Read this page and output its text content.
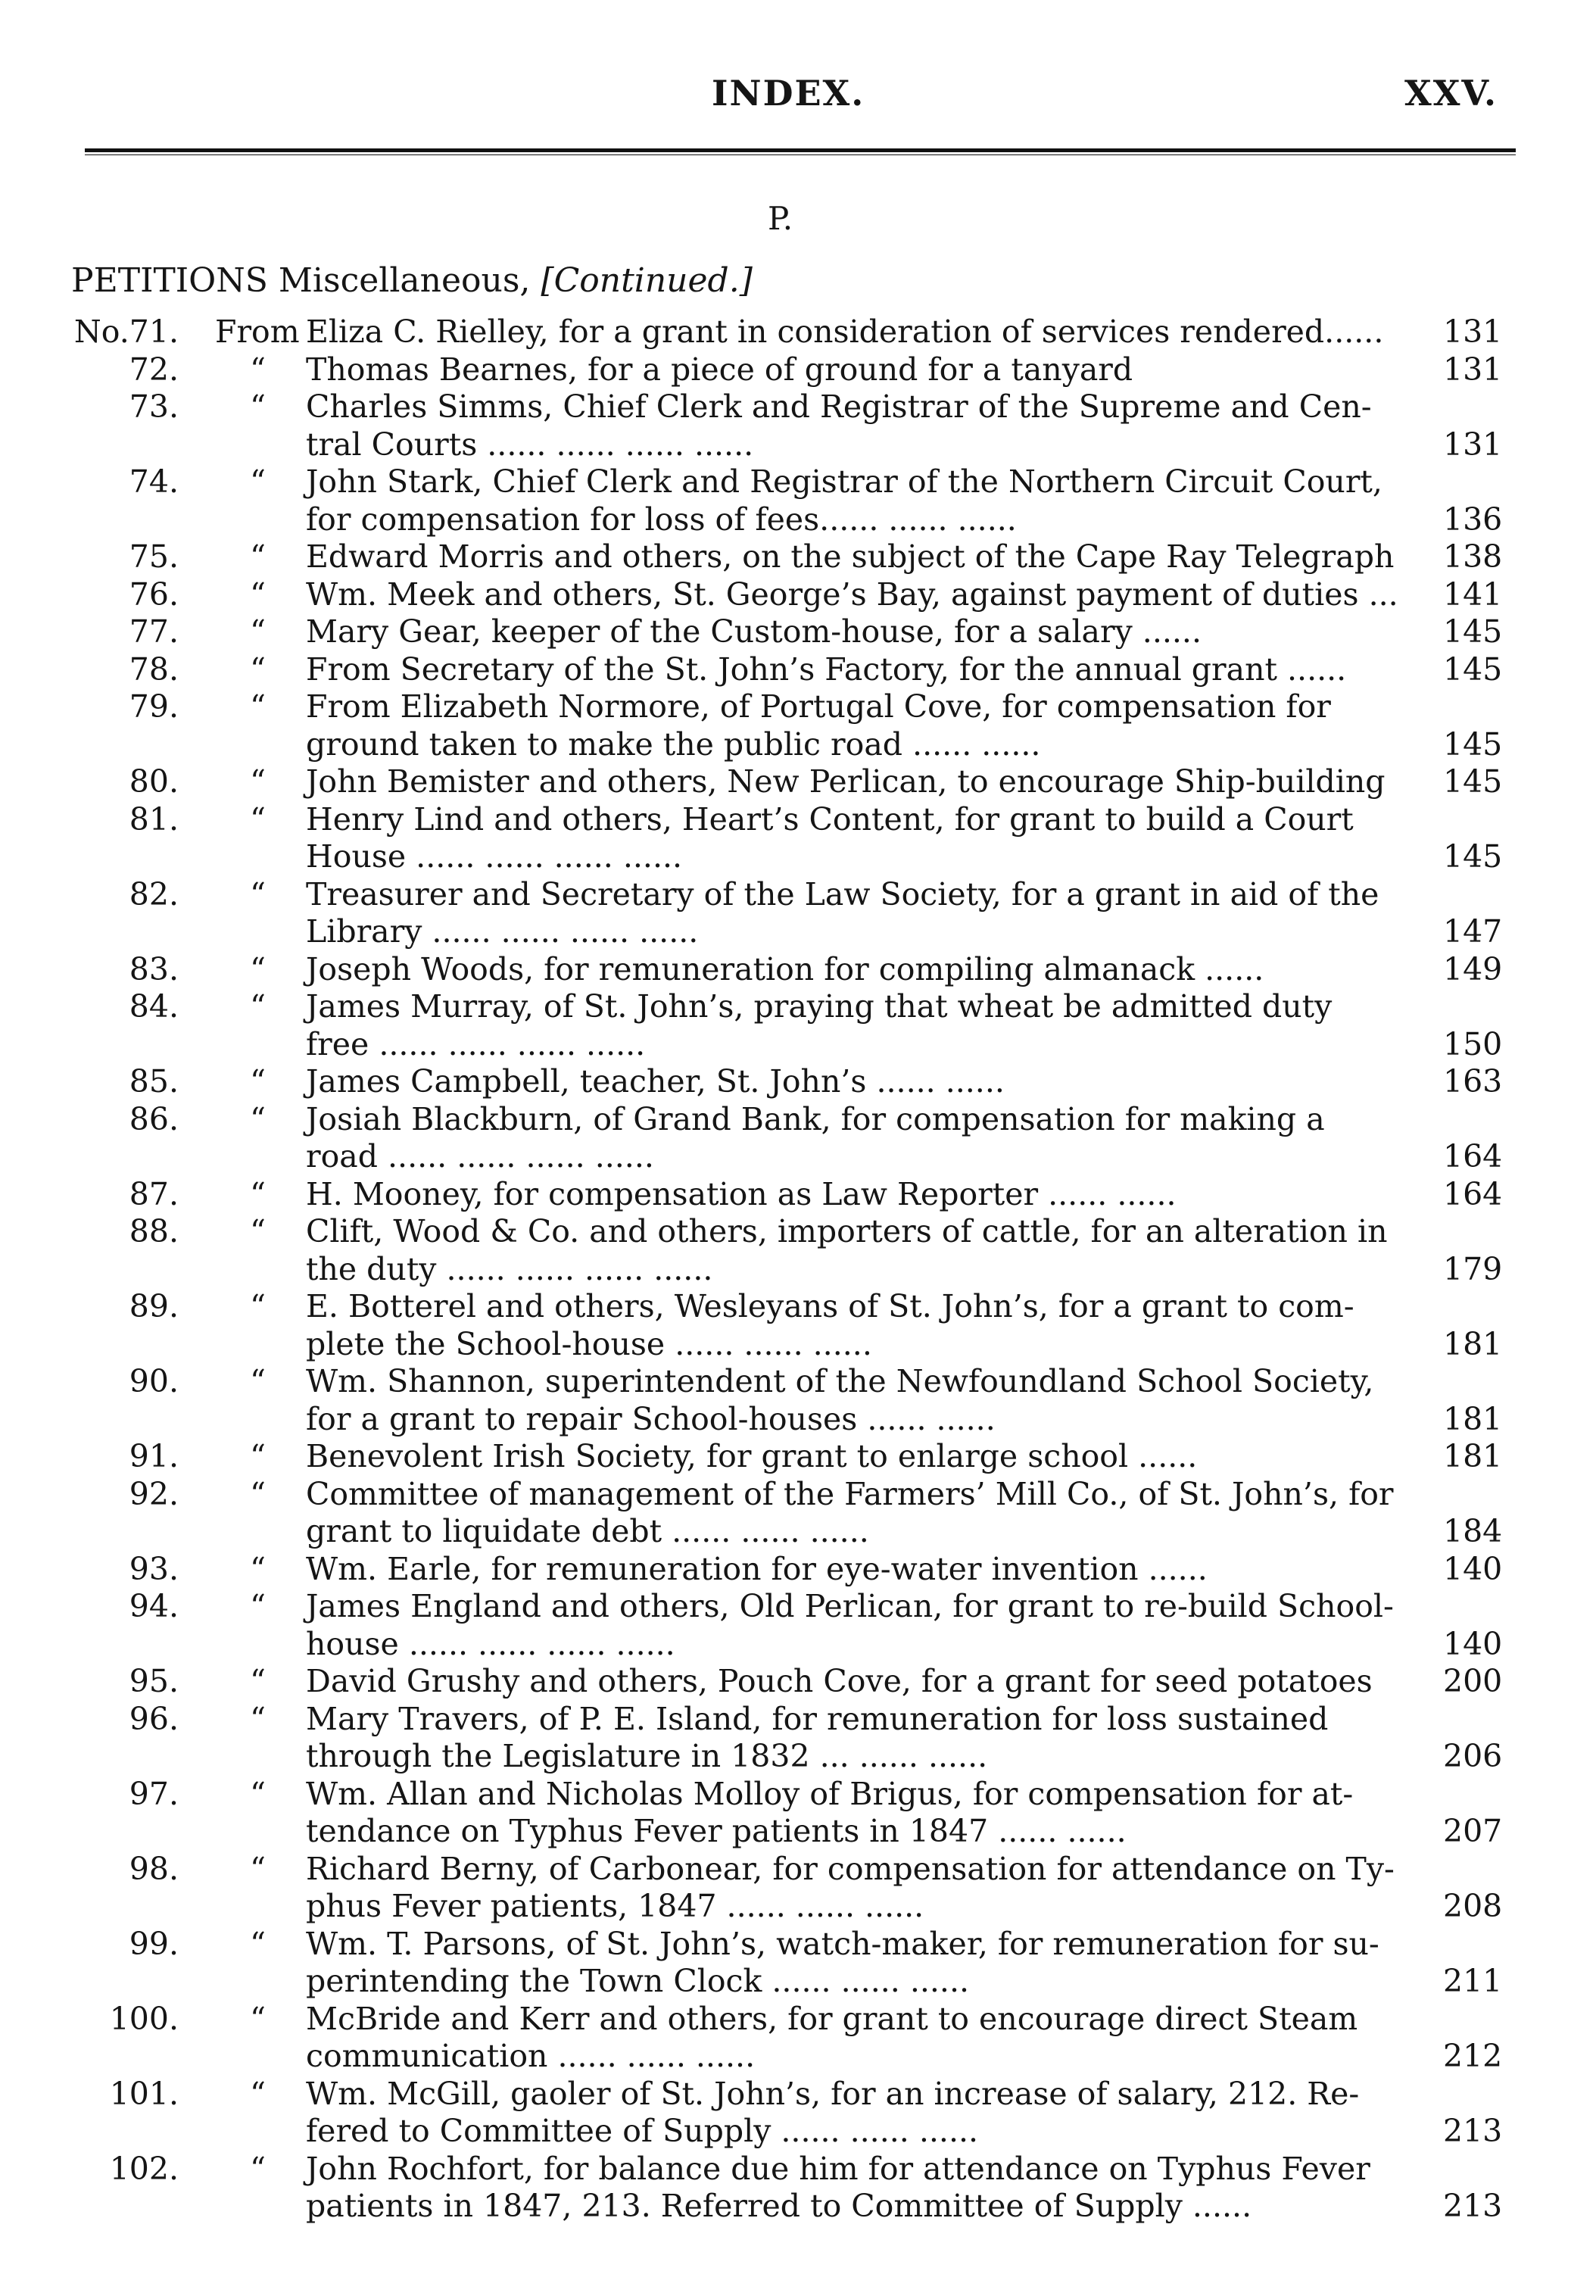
INDEX.	XXV.
P.
PETITIONS Miscellaneous, [Continued.]
No.71. From Eliza C. Rielley, for a grant in consideration of services rendered...... 131
72. “ Thomas Bearnes, for a piece of ground for a tanyard	131
73. “ Charles Simms, Chief Clerk and Registrar of the Supreme and Cen-
tral Courts ...... ...... ...... ......	131
74. “ John Stark, Chief Clerk and Registrar of the Northern Circuit Court,
for compensation for loss of fees...... ...... ......	136
75. “ Edward Morris and others, on the subject of the Cape Ray Telegraph 138
76. “ Wm. Meek and others, St. George’s Bay, against payment of duties ... 141
77. “ Mary Gear, keeper of the Custom-house, for a salary ......	145
78. “ From Secretary of the St. John’s Factory, for the annual grant ......	145
79. “ From Elizabeth Normore, of Portugal Cove, for compensation for
ground taken to make the public road ...... ......	145
80. “ John Bemister and others, New Perlican, to encourage Ship-building 145
81. “ Henry Lind and others, Heart’s Content, for grant to build a Court
House ...... ...... ...... ......	145
82. “ Treasurer and Secretary of the Law Society, for a grant in aid of the
Library ...... ...... ...... ......	147
83. “ Joseph Woods, for remuneration for compiling almanack ......	149
84. “ James Murray, of St. John’s, praying that wheat be admitted duty
free ...... ...... ...... ......	150
85. “ James Campbell, teacher, St. John’s ...... ......	163
86. “ Josiah Blackburn, of Grand Bank, for compensation for making a
road ...... ...... ...... ......	164
87. “ H. Mooney, for compensation as Law Reporter ...... ......	164
88. “ Clift, Wood & Co. and others, importers of cattle, for an alteration in
the duty ...... ...... ...... ......	179
89. “ E. Botterel and others, Wesleyans of St. John’s, for a grant to com-
plete the School-house ...... ...... ......	181
90. “ Wm. Shannon, superintendent of the Newfoundland School Society,
for a grant to repair School-houses ...... ......	181
91. “ Benevolent Irish Society, for grant to enlarge school ......	181
92. “ Committee of management of the Farmers’ Mill Co., of St. John’s, for
grant to liquidate debt ...... ...... ......	184
93. “ Wm. Earle, for remuneration for eye-water invention ......	140
94. “ James England and others, Old Perlican, for grant to re-build School-
house ...... ...... ...... ......	140
95. “ David Grushy and others, Pouch Cove, for a grant for seed potatoes 200
96. “ Mary Travers, of P. E. Island, for remuneration for loss sustained
through the Legislature in 1832 ... ...... ......	206
97. “ Wm. Allan and Nicholas Molloy of Brigus, for compensation for at-
tendance on Typhus Fever patients in 1847 ...... ......	207
98. “ Richard Berny, of Carbonear, for compensation for attendance on Ty-
phus Fever patients, 1847 ...... ...... ......	208
99. “ Wm. T. Parsons, of St. John’s, watch-maker, for remuneration for su-
perintending the Town Clock ...... ...... ......	211
100. “ McBride and Kerr and others, for grant to encourage direct Steam
communication ...... ...... ......	212
101. “ Wm. McGill, gaoler of St. John’s, for an increase of salary, 212. Re-
fered to Committee of Supply ...... ...... ......	213
102. “ John Rochfort, for balance due him for attendance on Typhus Fever
patients in 1847, 213. Referred to Committee of Supply ......	213
